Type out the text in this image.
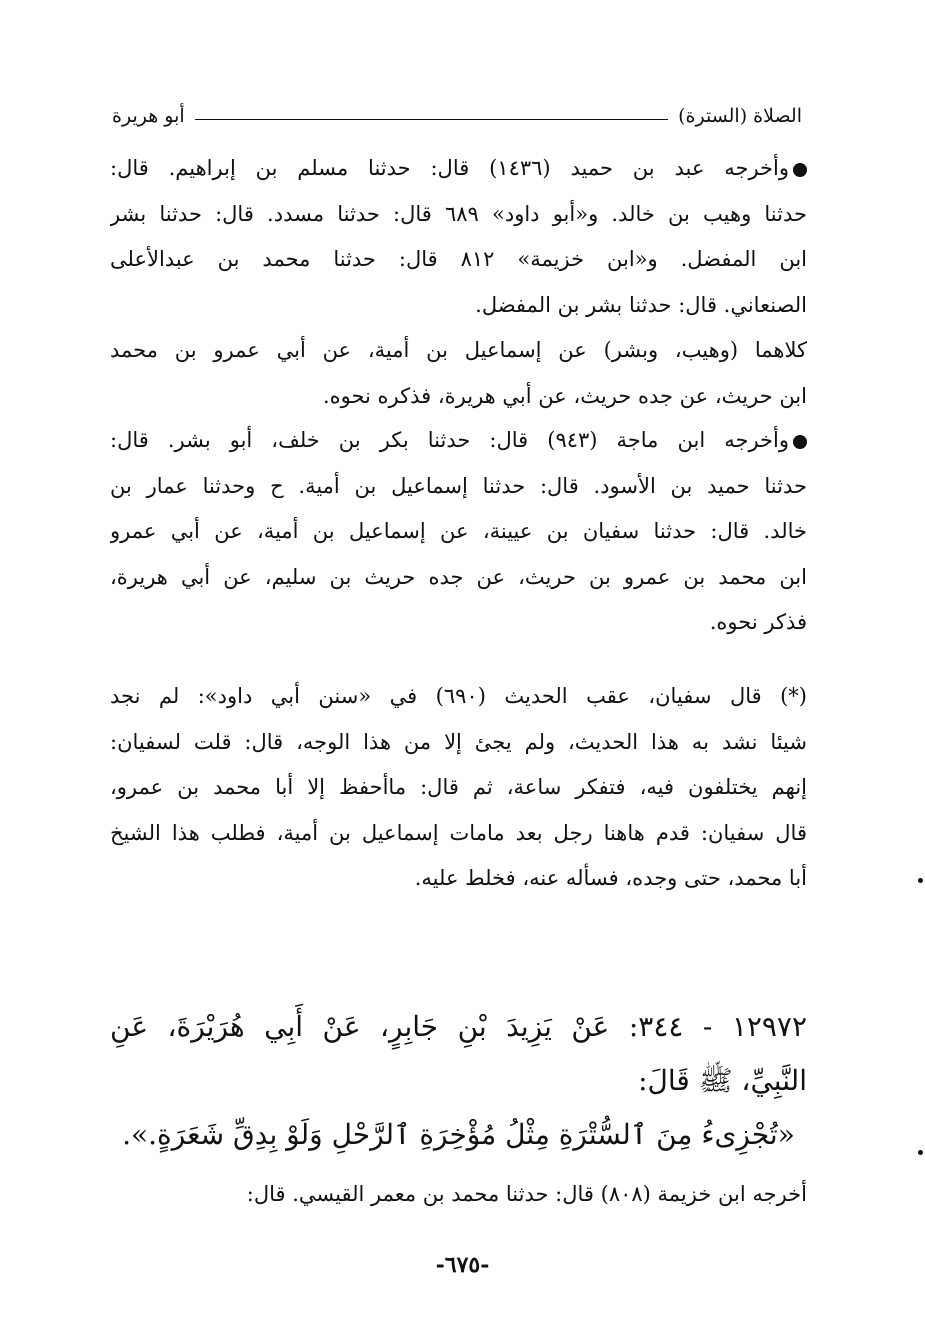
الصلاة (السترة)
أبو هريرة
وأخرجه عبد بن حميد (١٤٣٦) قال: حدثنا مسلم بن إبراهيم. قال:
حدثنا وهيب بن خالد. و«أبو داود» ٦٨٩ قال: حدثنا مسدد. قال: حدثنا بشر
ابن المفضل. و«ابن خزيمة» ٨١٢ قال: حدثنا محمد بن عبدالأعلى
الصنعاني. قال: حدثنا بشر بن المفضل.
كلاهما (وهيب، وبشر) عن إسماعيل بن أمية، عن أبي عمرو بن محمد
ابن حريث، عن جده حريث، عن أبي هريرة، فذكره نحوه.
وأخرجه ابن ماجة (٩٤٣) قال: حدثنا بكر بن خلف، أبو بشر. قال:
حدثنا حميد بن الأسود. قال: حدثنا إسماعيل بن أمية. ح وحدثنا عمار بن
خالد. قال: حدثنا سفيان بن عيينة، عن إسماعيل بن أمية، عن أبي عمرو
ابن محمد بن عمرو بن حريث، عن جده حريث بن سليم، عن أبي هريرة،
فذكر نحوه.
(*) قال سفيان، عقب الحديث (٦٩٠) في «سنن أبي داود»: لم نجد
شيئا نشد به هذا الحديث، ولم يجئ إلا من هذا الوجه، قال: قلت لسفيان:
إنهم يختلفون فيه، فتفكر ساعة، ثم قال: ماأحفظ إلا أبا محمد بن عمرو،
قال سفيان: قدم هاهنا رجل بعد مامات إسماعيل بن أمية، فطلب هذا الشيخ
أبا محمد، حتى وجده، فسأله عنه، فخلط عليه.
١٢٩٧٢ - ٣٤٤: عَنْ يَزِيدَ بْنِ جَابِرٍ، عَنْ أَبِي هُرَيْرَةَ، عَنِ
النَّبِيِّ، ﷺ قَالَ:
«تُجْزِىءُ مِنَ ٱلسُّتْرَةِ مِثْلُ مُؤْخِرَةِ ٱلرَّحْلِ وَلَوْ بِدِقِّ شَعَرَةٍ.».
أخرجه ابن خزيمة (٨٠٨) قال: حدثنا محمد بن معمر القيسي. قال:
-٦٧٥-
